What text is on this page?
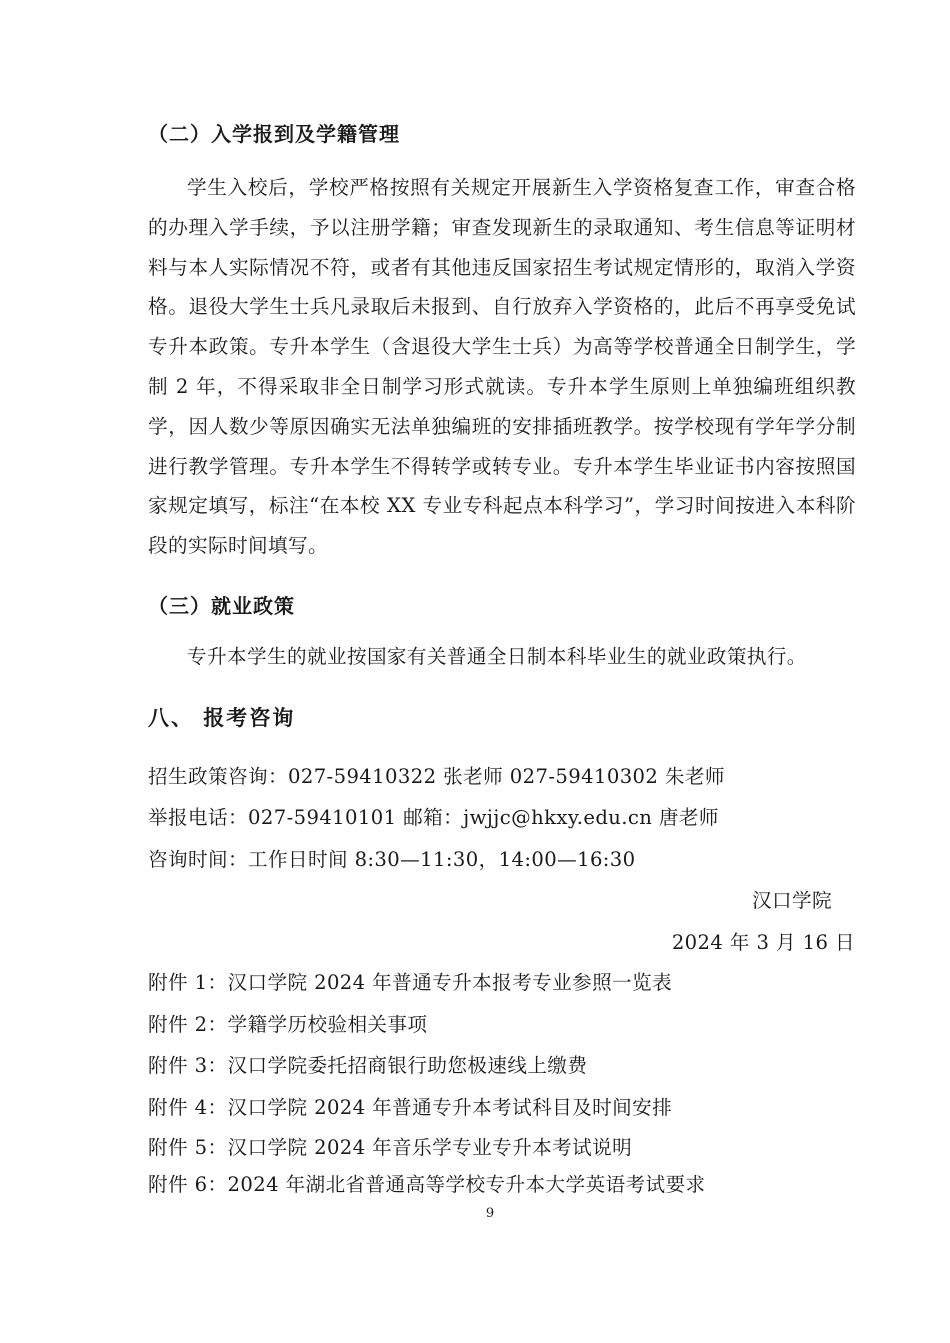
（二）入学报到及学籍管理
学生入校后，学校严格按照有关规定开展新生入学资格复查工作，审查合格的办理入学手续，予以注册学籍；审查发现新生的录取通知、考生信息等证明材料与本人实际情况不符，或者有其他违反国家招生考试规定情形的，取消入学资格。退役大学生士兵凡录取后未报到、自行放弃入学资格的，此后不再享受免试专升本政策。专升本学生（含退役大学生士兵）为高等学校普通全日制学生，学制 2 年，不得采取非全日制学习形式就读。专升本学生原则上单独编班组织教学，因人数少等原因确实无法单独编班的安排插班教学。按学校现有学年学分制进行教学管理。专升本学生不得转学或转专业。专升本学生毕业证书内容按照国家规定填写，标注“在本校 XX 专业专科起点本科学习”，学习时间按进入本科阶段的实际时间填写。
（三）就业政策
专升本学生的就业按国家有关普通全日制本科毕业生的就业政策执行。
八、 报考咨询
招生政策咨询：027-59410322 张老师 027-59410302 朱老师
举报电话：027-59410101 邮箱：jwjjc@hkxy.edu.cn 唐老师
咨询时间：工作日时间 8:30—11:30，14:00—16:30
汉口学院
2024 年 3 月 16 日
附件 1：汉口学院 2024 年普通专升本报考专业参照一览表
附件 2：学籍学历校验相关事项
附件 3：汉口学院委托招商银行助您极速线上缴费
附件 4：汉口学院 2024 年普通专升本考试科目及时间安排
附件 5：汉口学院 2024 年音乐学专业专升本考试说明
附件 6：2024 年湖北省普通高等学校专升本大学英语考试要求
9
